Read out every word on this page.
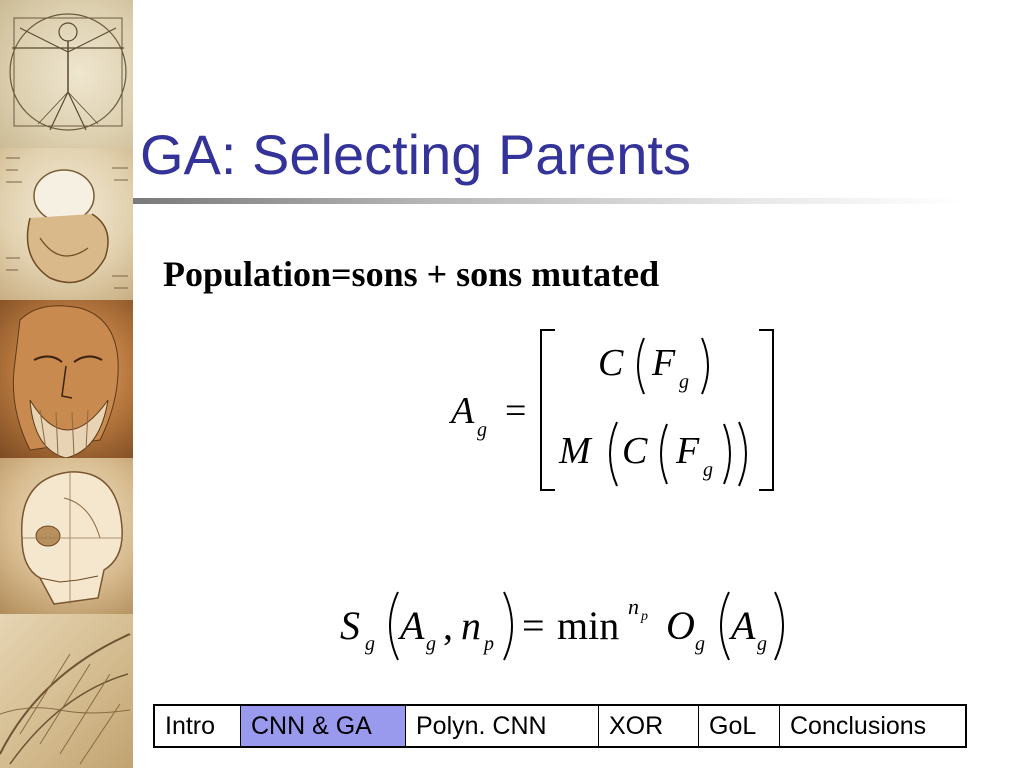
GA: Selecting Parents
Population=sons + sons mutated
A g =
C F g
M C F g
S g A g , n p = min n p O g A g
Intro	CNN & GA	Polyn. CNN	XOR	GoL	Conclusions
